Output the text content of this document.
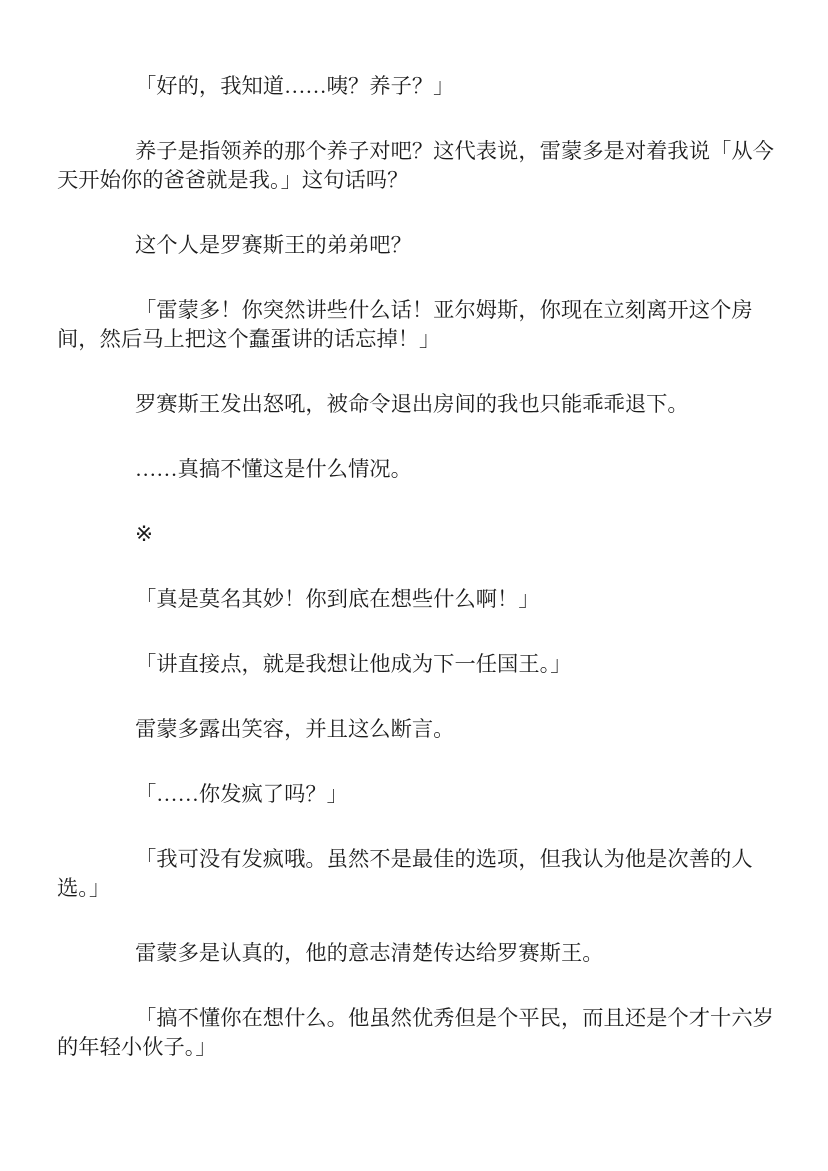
「好的，我知道……咦？养子？」
养子是指领养的那个养子对吧？这代表说，雷蒙多是对着我说「从今
天开始你的爸爸就是我。」这句话吗？
这个人是罗赛斯王的弟弟吧？
「雷蒙多！你突然讲些什么话！亚尔姆斯，你现在立刻离开这个房
间，然后马上把这个蠢蛋讲的话忘掉！」
罗赛斯王发出怒吼，被命令退出房间的我也只能乖乖退下。
……真搞不懂这是什么情况。
※
「真是莫名其妙！你到底在想些什么啊！」
「讲直接点，就是我想让他成为下一任国王。」
雷蒙多露出笑容，并且这么断言。
「……你发疯了吗？」
「我可没有发疯哦。虽然不是最佳的选项，但我认为他是次善的人
选。」
雷蒙多是认真的，他的意志清楚传达给罗赛斯王。
「搞不懂你在想什么。他虽然优秀但是个平民，而且还是个才十六岁
的年轻小伙子。」
